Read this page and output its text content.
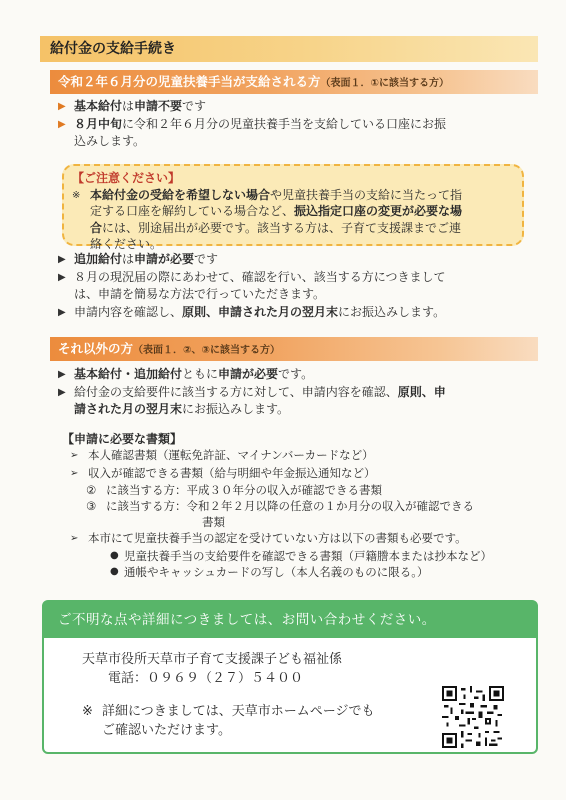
給付金の支給手続き
令和２年６月分の児童扶養手当が支給される方（表面１．①に該当する方）
▶ 基本給付は申請不要です
▶ ８月中旬に令和２年６月分の児童扶養手当を支給している口座にお振
込みします。
【ご注意ください】
※ 本給付金の受給を希望しない場合や児童扶養手当の支給に当たって指
定する口座を解約している場合など、振込指定口座の変更が必要な場
合には、別途届出が必要です。該当する方は、子育て支援課までご連
絡ください。
▶ 追加給付は申請が必要です
▶ ８月の現況届の際にあわせて、確認を行い、該当する方につきまして
は、申請を簡易な方法で行っていただきます。
▶ 申請内容を確認し、原則、申請された月の翌月末にお振込みします。
それ以外の方（表面１．②、③に該当する方）
▶ 基本給付・追加給付ともに申請が必要です。
▶ 給付金の支給要件に該当する方に対して、申請内容を確認、原則、申
請された月の翌月末にお振込みします。
【申請に必要な書類】
➢ 本人確認書類（運転免許証、マイナンバーカードなど）
➢ 収入が確認できる書類（給与明細や年金振込通知など）
② に該当する方：平成３０年分の収入が確認できる書類
③ に該当する方：令和２年２月以降の任意の１か月分の収入が確認できる
書類
➢ 本市にて児童扶養手当の認定を受けていない方は以下の書類も必要です。
● 児童扶養手当の支給要件を確認できる書類（戸籍謄本または抄本など）
● 通帳やキャッシュカードの写し（本人名義のものに限る。）
ご不明な点や詳細につきましては、お問い合わせください。
天草市役所天草市子育て支援課子ども福祉係
電話：０９６９（２７）５４００
※ 詳細につきましては、天草市ホームページでも
ご確認いただけます。
